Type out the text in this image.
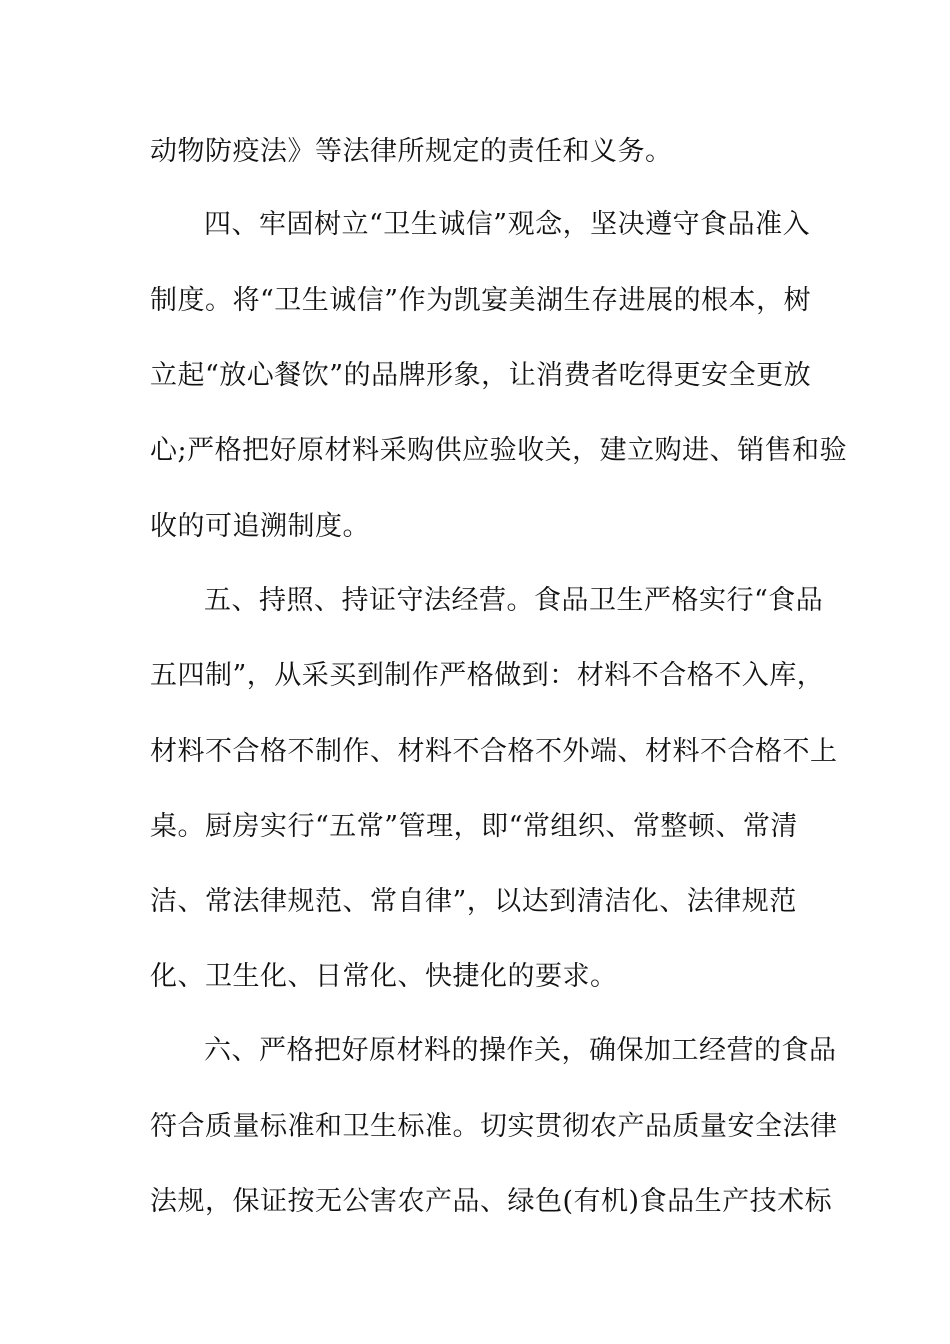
动物防疫法》等法律所规定的责任和义务。
四、牢固树立“卫生诚信”观念，坚决遵守食品准入
制度。将“卫生诚信”作为凯宴美湖生存进展的根本，树
立起“放心餐饮”的品牌形象，让消费者吃得更安全更放
心;严格把好原材料采购供应验收关，建立购进、销售和验
收的可追溯制度。
五、持照、持证守法经营。食品卫生严格实行“食品
五四制”，从采买到制作严格做到：材料不合格不入库，
材料不合格不制作、材料不合格不外端、材料不合格不上
桌。厨房实行“五常”管理，即“常组织、常整顿、常清
洁、常法律规范、常自律”，以达到清洁化、法律规范
化、卫生化、日常化、快捷化的要求。
六、严格把好原材料的操作关，确保加工经营的食品
符合质量标准和卫生标准。切实贯彻农产品质量安全法律
法规，保证按无公害农产品、绿色(有机)食品生产技术标
